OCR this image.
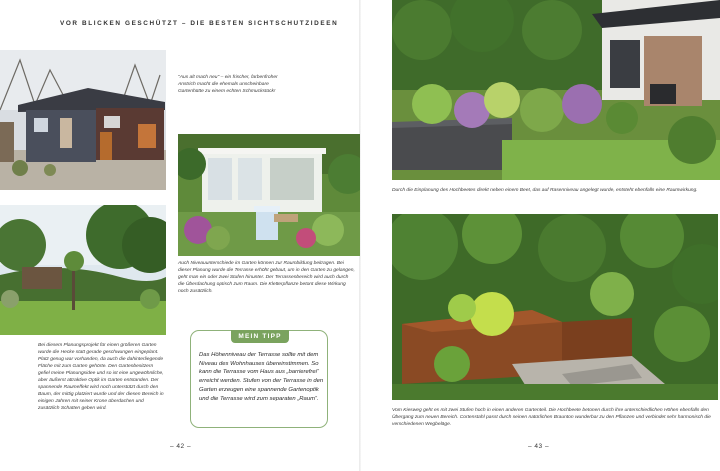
VOR BLICKEN GESCHÜTZT – DIE BESTEN SICHTSCHUTZIDEEN
"Aus alt mach neu" – ein frischer, farbenfroher Anstrich macht die ehemals unscheinbare Gartenhütte zu einem echten Schmuckstück!
Auch Niveauunterschiede im Garten können zur Raumbildung beitragen. Bei dieser Planung wurde die Terrasse erhöht gebaut, um in den Garten zu gelangen, geht man ein oder zwei Stufen hinunter. Der Terrassenbereich wird auch durch die Überdachung optisch zum Raum. Die Kletterpflanze betont diese Wirkung noch zusätzlich.
Bei diesem Planungsprojekt für einen größeren Garten wurde die Hecke statt gerade geschwungen eingeplant. Platz genug war vorhanden, da auch die dahinterliegende Fläche mit zum Garten gehörte. Den Gartenbesitzern gefiel meine Planungsidee und so ist eine ungewöhnliche, aber äußerst attraktive Optik im Garten entstanden. Der spannende Raumeffekt wird noch unterstützt durch den Baum, der mittig platziert wurde und der diesen Bereich in einigen Jahren mit seiner Krone überdachen und zusätzlich Schatten geben wird.
MEIN TIPP
Das Höhenniveau der Terrasse sollte mit dem Niveau des Wohnhauses übereinstimmen. So kann die Terrasse vom Haus aus „barrierefrei“ erreicht werden. Stufen von der Terrasse in den Garten erzeugen eine spannende Gartenoptik und die Terrasse wird zum separaten „Raum“.
– 42 –
Durch die Einplanung des Hochbeetes direkt neben einem Beet, das auf Rasenniveau angelegt wurde, entsteht ebenfalls eine Raumwirkung.
Vom Kiesweg geht es mit zwei Stufen hoch in einen anderen Gartenteil. Die Hochbeete betonen durch ihre unterschiedlichen Höhen ebenfalls den Übergang zum neuen Bereich. Cortenstahl passt durch seinen natürlichen Braunton wunderbar zu den Pflanzen und verbindet sehr harmonisch die verschiedenen Wegbeläge.
– 43 –
